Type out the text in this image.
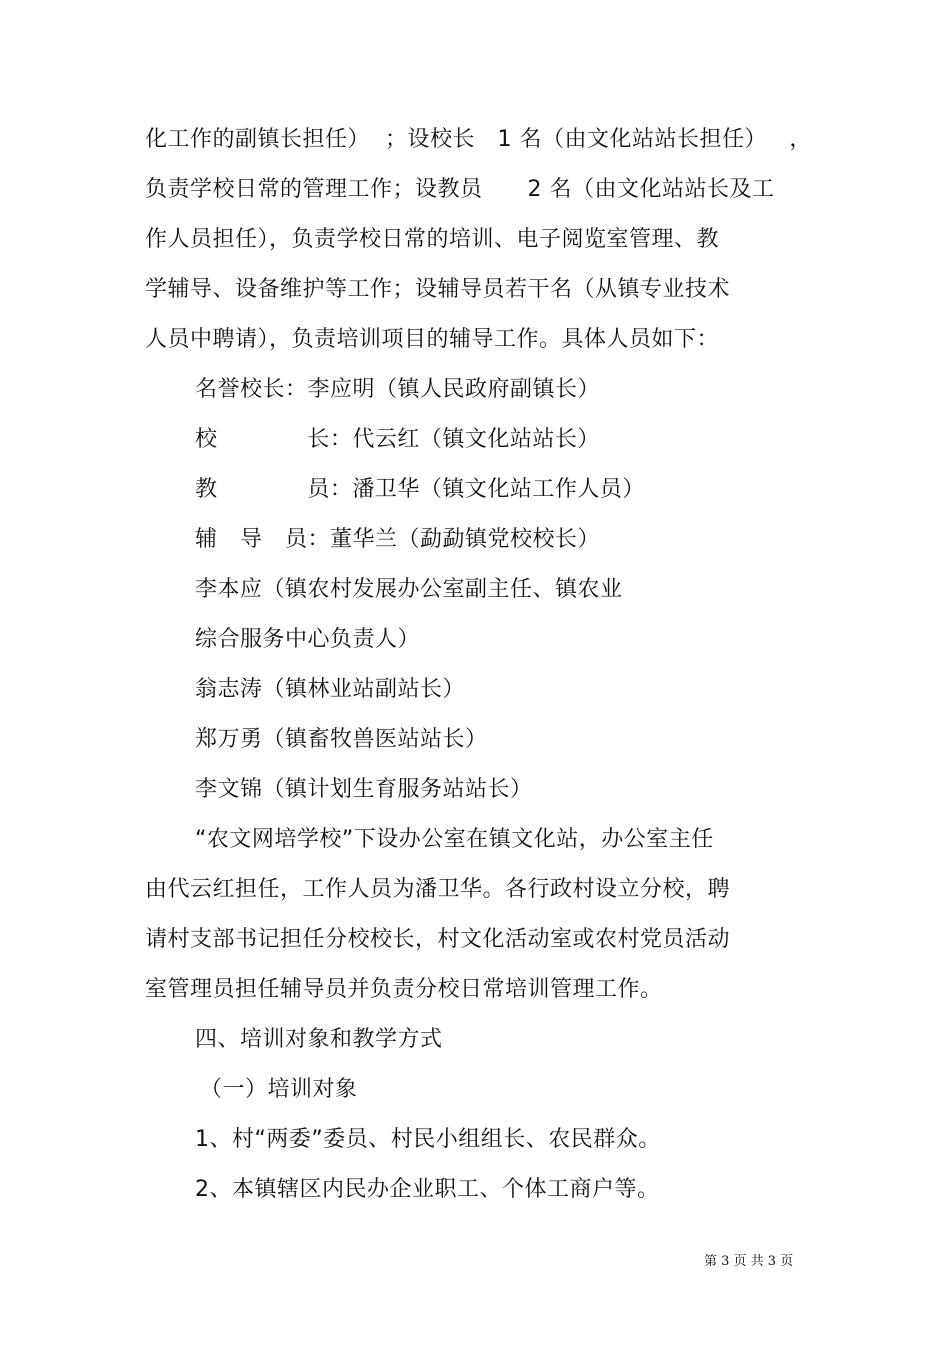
化工作的副镇长担任）  ；设校长   1 名（由文化站站长担任）   ，
负责学校日常的管理工作；设教员      2 名（由文化站站长及工
作人员担任），负责学校日常的培训、电子阅览室管理、教
学辅导、设备维护等工作；设辅导员若干名（从镇专业技术
人员中聘请），负责培训项目的辅导工作。具体人员如下：
名誉校长：李应明（镇人民政府副镇长）
校            长：代云红（镇文化站站长）
教            员：潘卫华（镇文化站工作人员）
辅   导   员：董华兰（勐勐镇党校校长）
李本应（镇农村发展办公室副主任、镇农业
综合服务中心负责人）
翁志涛（镇林业站副站长）
郑万勇（镇畜牧兽医站站长）
李文锦（镇计划生育服务站站长）
“农文网培学校”下设办公室在镇文化站，办公室主任
由代云红担任，工作人员为潘卫华。各行政村设立分校，聘
请村支部书记担任分校校长，村文化活动室或农村党员活动
室管理员担任辅导员并负责分校日常培训管理工作。
四、培训对象和教学方式
（一）培训对象
1、村“两委”委员、村民小组组长、农民群众。
2、本镇辖区内民办企业职工、个体工商户等。
第 3 页 共 3 页
